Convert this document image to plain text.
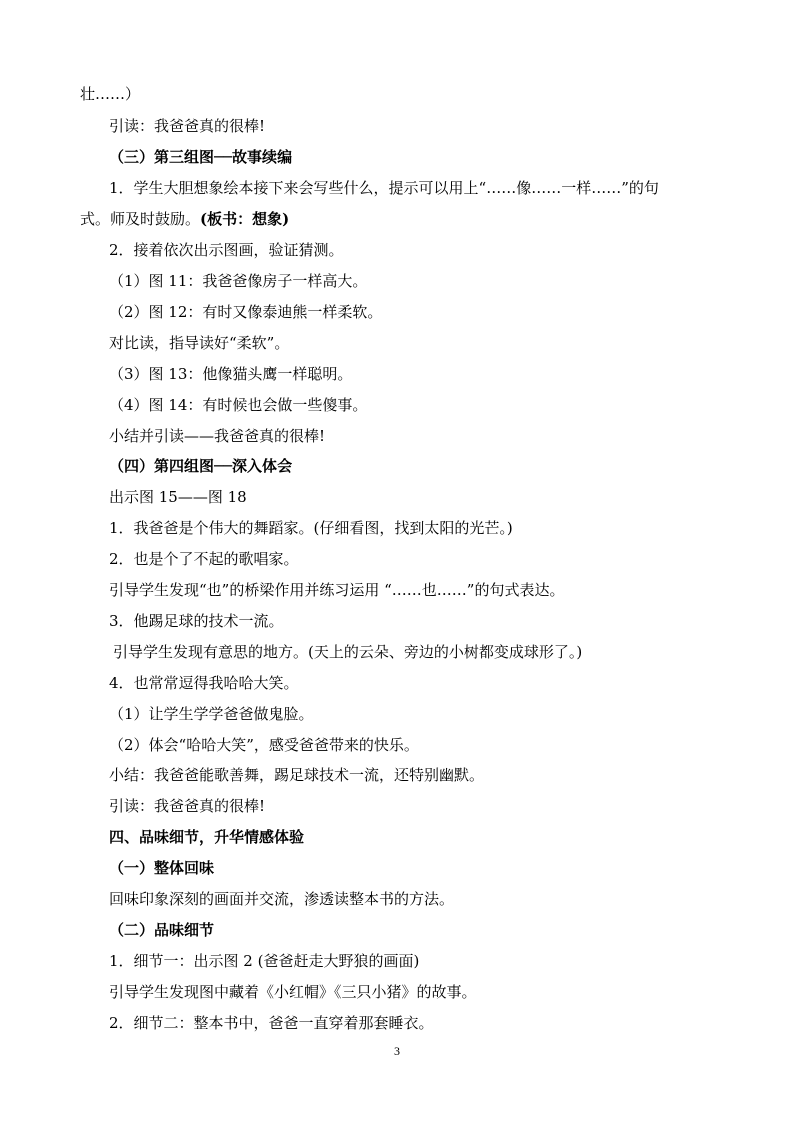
壮……）
引读：我爸爸真的很棒!
（三）第三组图──故事续编
1．学生大胆想象绘本接下来会写些什么，提示可以用上“……像……一样……”的句
式。师及时鼓励。(板书：想象)
2．接着依次出示图画，验证猜测。
（1）图 11：我爸爸像房子一样高大。
（2）图 12：有时又像泰迪熊一样柔软。
对比读，指导读好“柔软”。
（3）图 13：他像猫头鹰一样聪明。
（4）图 14：有时候也会做一些傻事。
小结并引读——我爸爸真的很棒!
（四）第四组图──深入体会
出示图 15——图 18
1．我爸爸是个伟大的舞蹈家。(仔细看图，找到太阳的光芒。)
2．也是个了不起的歌唱家。
引导学生发现“也”的桥梁作用并练习运用 “……也……”的句式表达。
3．他踢足球的技术一流。
引导学生发现有意思的地方。(天上的云朵、旁边的小树都变成球形了。)
4．也常常逗得我哈哈大笑。
（1）让学生学学爸爸做鬼脸。
（2）体会“哈哈大笑”，感受爸爸带来的快乐。
小结：我爸爸能歌善舞，踢足球技术一流，还特别幽默。
引读：我爸爸真的很棒!
四、品味细节，升华情感体验
（一）整体回味
回味印象深刻的画面并交流，渗透读整本书的方法。
（二）品味细节
1．细节一：出示图 2 (爸爸赶走大野狼的画面)
引导学生发现图中藏着《小红帽》《三只小猪》的故事。
2．细节二：整本书中，爸爸一直穿着那套睡衣。
3
